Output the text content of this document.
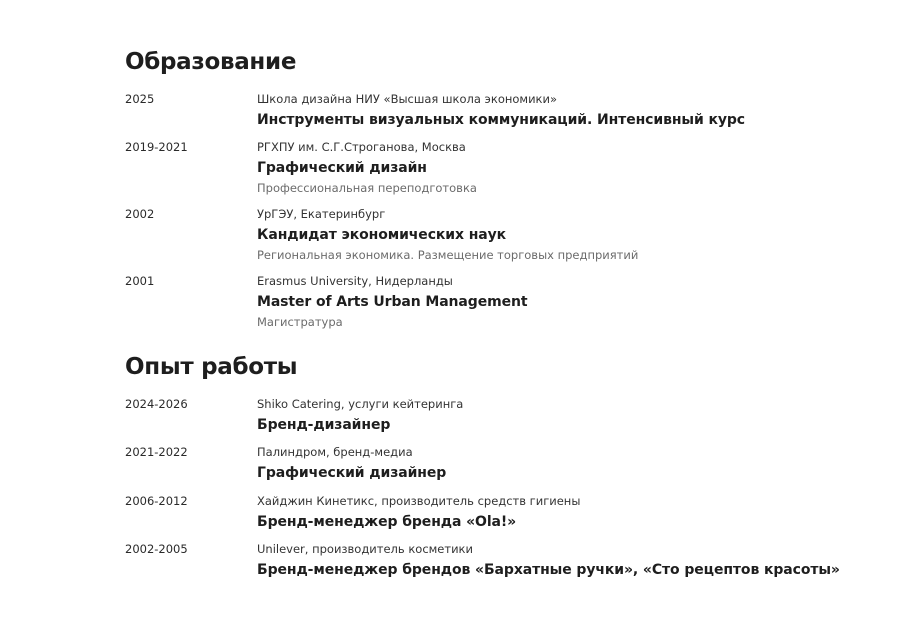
Образование
2025	Школа дизайна НИУ «Высшая школа экономики»
Инструменты визуальных коммуникаций. Интенсивный курс
2019-2021	РГХПУ им. С.Г.Строганова, Москва
Графический дизайн
Профессиональная переподготовка
2002	УрГЭУ, Екатеринбург
Кандидат экономических наук
Региональная экономика. Размещение торговых предприятий
2001	Erasmus University, Нидерланды
Master of Arts Urban Management
Магистратура
Опыт работы
2024-2026	Shiko Catering, услуги кейтеринга
Бренд-дизайнер
2021-2022	Палиндром, бренд-медиа
Графический дизайнер
2006-2012	Хайджин Кинетикс, производитель средств гигиены
Бренд-менеджер бренда «Ola!»
2002-2005	Unilever, производитель косметики
Бренд-менеджер брендов «Бархатные ручки», «Сто рецептов красоты»
